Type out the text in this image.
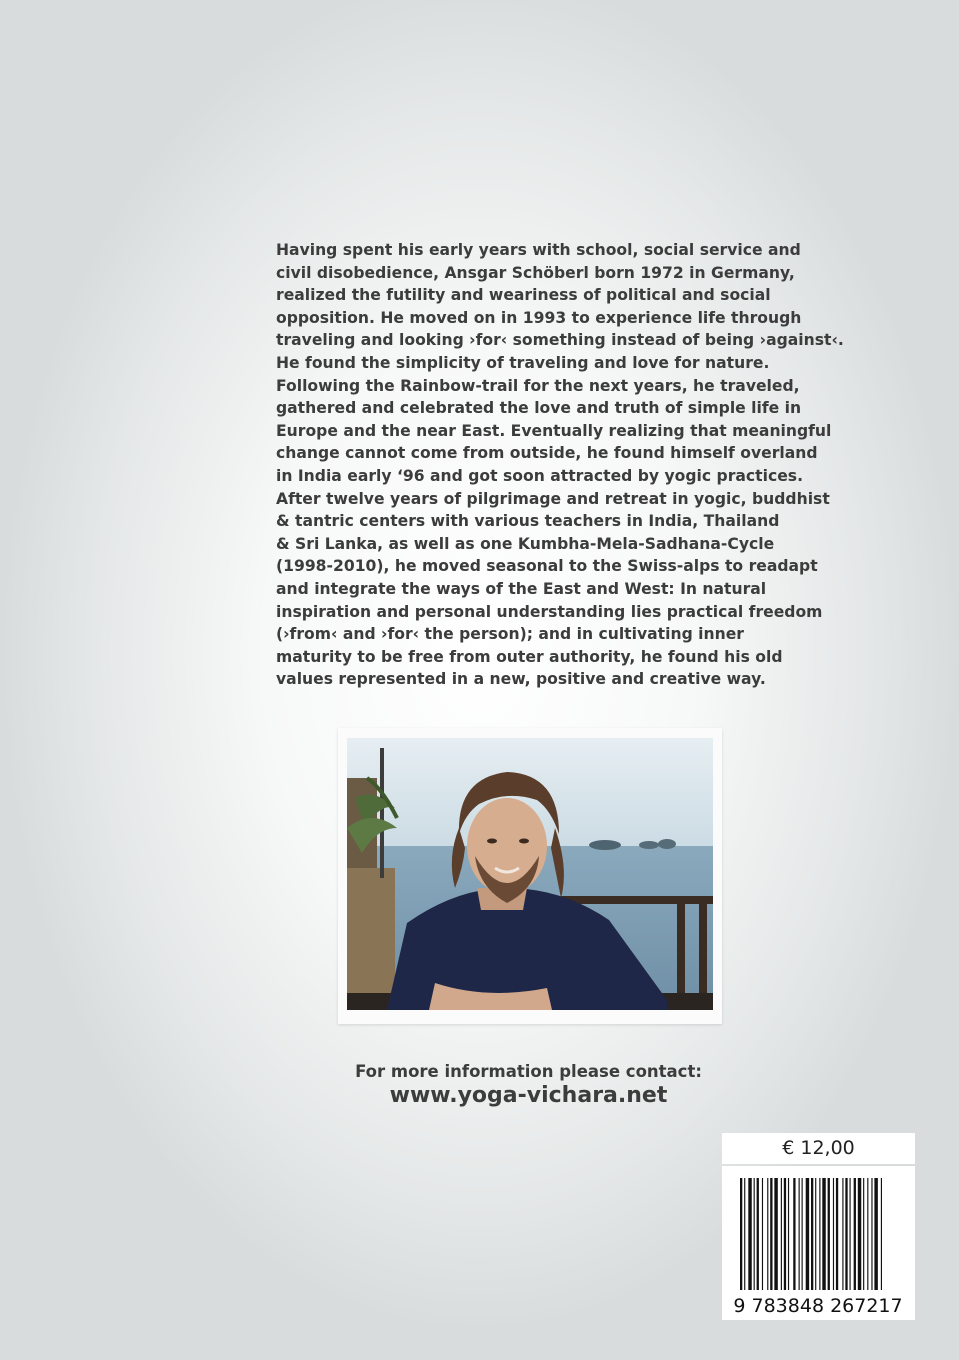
Having spent his early years with school, social service and
civil disobedience, Ansgar Schöberl born 1972 in Germany,
realized the futility and weariness of political and social
opposition. He moved on in 1993 to experience life through
traveling and looking ›for‹ something instead of being ›against‹.
He found the simplicity of traveling and love for nature.
Following the Rainbow-trail for the next years, he traveled,
gathered and celebrated the love and truth of simple life in
Europe and the near East. Eventually realizing that meaningful
change cannot come from outside, he found himself overland
in India early ‘96 and got soon attracted by yogic practices.
After twelve years of pilgrimage and retreat in yogic, buddhist
& tantric centers with various teachers in India, Thailand
& Sri Lanka, as well as one Kumbha-Mela-Sadhana-Cycle
(1998-2010), he moved seasonal to the Swiss-alps to readapt
and integrate the ways of the East and West: In natural
inspiration and personal understanding lies practical freedom
(›from‹ and ›for‹ the person); and in cultivating inner
maturity to be free from outer authority, he found his old
values represented in a new, positive and creative way.
For more information please contact:
www.yoga-vichara.net
€ 12,00
9 783848 267217
